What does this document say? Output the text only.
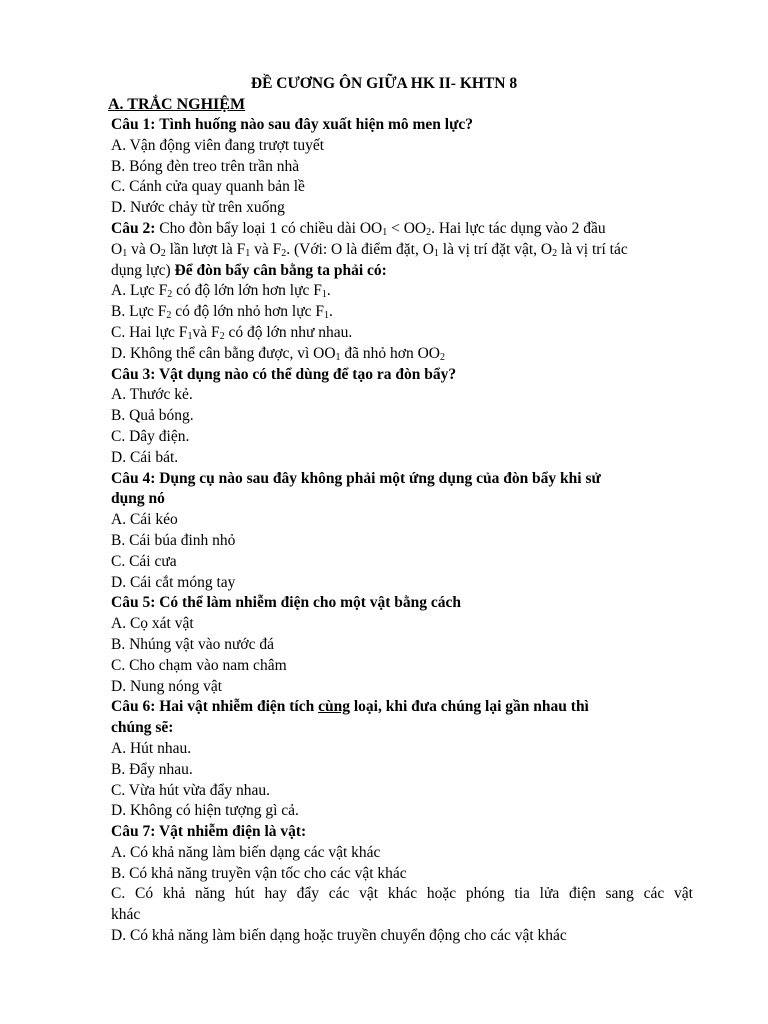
ĐỀ CƯƠNG ÔN GIỮA HK II- KHTN 8
A. TRẮC NGHIỆM
Câu 1: Tình huống nào sau đây xuất hiện mô men lực?
A. Vận động viên đang trượt tuyết
B. Bóng đèn treo trên trần nhà
C. Cánh cửa quay quanh bản lề
D. Nước chảy từ trên xuống
Câu 2: Cho đòn bẩy loại 1 có chiều dài $OO_1 < OO_2$. Hai lực tác dụng vào 2 đầu
$O_1$ và $O_2$ lần lượt là $F_1$ và $F_2$. (Với: O là điểm đặt, $O_1$ là vị trí đặt vật, $O_2$ là vị trí tác
dụng lực) Để đòn bẩy cân bằng ta phải có:
A. Lực $F_2$ có độ lớn lớn hơn lực $F_1$.
B. Lực $F_2$ có độ lớn nhỏ hơn lực $F_1$.
C. Hai lực $F_1và$ $F_2$ có độ lớn như nhau.
D. Không thể cân bằng được, vì $OO_1$ đã nhỏ hơn $OO_2$
Câu 3: Vật dụng nào có thể dùng để tạo ra đòn bẩy?
A. Thước kẻ.
B. Quả bóng.
C. Dây điện.
D. Cái bát.
Câu 4: Dụng cụ nào sau đây không phải một ứng dụng của đòn bẩy khi sử
dụng nó
A. Cái kéo
B. Cái búa đinh nhỏ
C. Cái cưa
D. Cái cắt móng tay
Câu 5: Có thể làm nhiễm điện cho một vật bằng cách
A. Cọ xát vật
B. Nhúng vật vào nước đá
C. Cho chạm vào nam châm
D. Nung nóng vật
Câu 6: Hai vật nhiễm điện tích cùng loại, khi đưa chúng lại gần nhau thì
chúng sẽ:
A. Hút nhau.
B. Đẩy nhau.
C. Vừa hút vừa đẩy nhau.
D. Không có hiện tượng gì cả.
Câu 7: Vật nhiễm điện là vật:
A. Có khả năng làm biến dạng các vật khác
B. Có khả năng truyền vận tốc cho các vật khác
C. Có khả năng hút hay đẩy các vật khác hoặc phóng tia lửa điện sang các vật
khác
D. Có khả năng làm biến dạng hoặc truyền chuyển động cho các vật khác
